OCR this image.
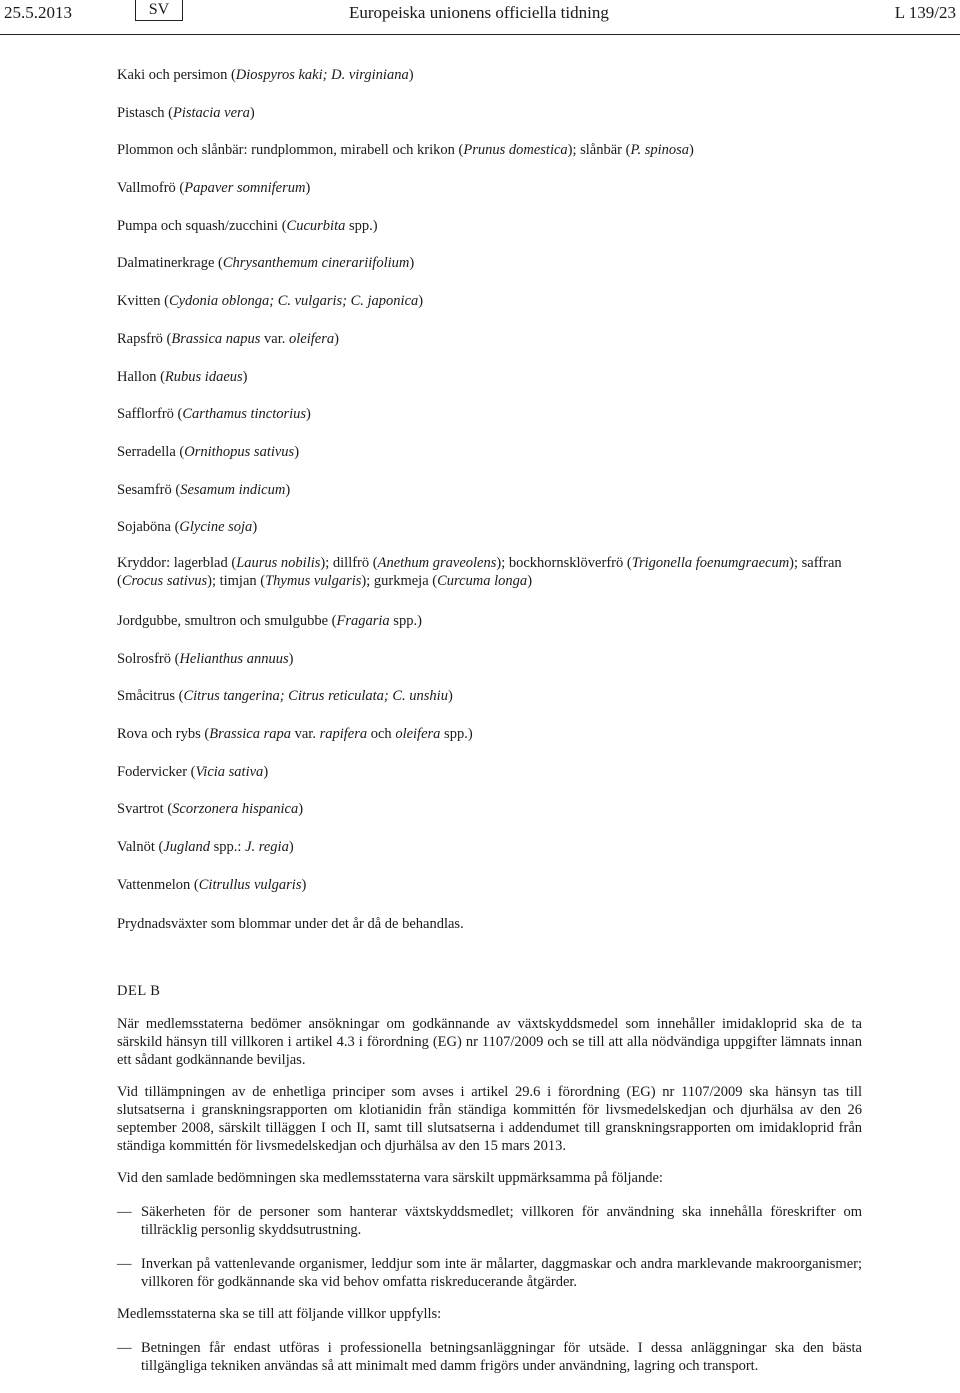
25.5.2013	SV	Europeiska unionens officiella tidning	L 139/23
Kaki och persimon (Diospyros kaki; D. virginiana)
Pistasch (Pistacia vera)
Plommon och slånbär: rundplommon, mirabell och krikon (Prunus domestica); slånbär (P. spinosa)
Vallmofrö (Papaver somniferum)
Pumpa och squash/zucchini (Cucurbita spp.)
Dalmatinerkrage (Chrysanthemum cinerariifolium)
Kvitten (Cydonia oblonga; C. vulgaris; C. japonica)
Rapsfrö (Brassica napus var. oleifera)
Hallon (Rubus idaeus)
Safflorfrö (Carthamus tinctorius)
Serradella (Ornithopus sativus)
Sesamfrö (Sesamum indicum)
Sojaböna (Glycine soja)
Kryddor: lagerblad (Laurus nobilis); dillfrö (Anethum graveolens); bockhornsklöverfrö (Trigonella foenumgraecum); saffran (Crocus sativus); timjan (Thymus vulgaris); gurkmeja (Curcuma longa)
Jordgubbe, smultron och smulgubbe (Fragaria spp.)
Solrosfrö (Helianthus annuus)
Småcitrus (Citrus tangerina; Citrus reticulata; C. unshiu)
Rova och rybs (Brassica rapa var. rapifera och oleifera spp.)
Fodervicker (Vicia sativa)
Svartrot (Scorzonera hispanica)
Valnöt (Jugland spp.: J. regia)
Vattenmelon (Citrullus vulgaris)
Prydnadsväxter som blommar under det år då de behandlas.
DEL B
När medlemsstaterna bedömer ansökningar om godkännande av växtskyddsmedel som innehåller imidakloprid ska de ta särskild hänsyn till villkoren i artikel 4.3 i förordning (EG) nr 1107/2009 och se till att alla nödvändiga uppgifter lämnats innan ett sådant godkännande beviljas.
Vid tillämpningen av de enhetliga principer som avses i artikel 29.6 i förordning (EG) nr 1107/2009 ska hänsyn tas till slutsatserna i granskningsrapporten om klotianidin från ständiga kommittén för livsmedelskedjan och djurhälsa av den 26 september 2008, särskilt tilläggen I och II, samt till slutsatserna i addendumet till granskningsrapporten om imidakloprid från ständiga kommittén för livsmedelskedjan och djurhälsa av den 15 mars 2013.
Vid den samlade bedömningen ska medlemsstaterna vara särskilt uppmärksamma på följande:
— Säkerheten för de personer som hanterar växtskyddsmedlet; villkoren för användning ska innehålla föreskrifter om tillräcklig personlig skyddsutrustning.
— Inverkan på vattenlevande organismer, leddjur som inte är målarter, daggmaskar och andra marklevande makroorganismer; villkoren för godkännande ska vid behov omfatta riskreducerande åtgärder.
Medlemsstaterna ska se till att följande villkor uppfylls:
— Betningen får endast utföras i professionella betningsanläggningar för utsäde. I dessa anläggningar ska den bästa tillgängliga tekniken användas så att minimalt med damm frigörs under användning, lagring och transport.
